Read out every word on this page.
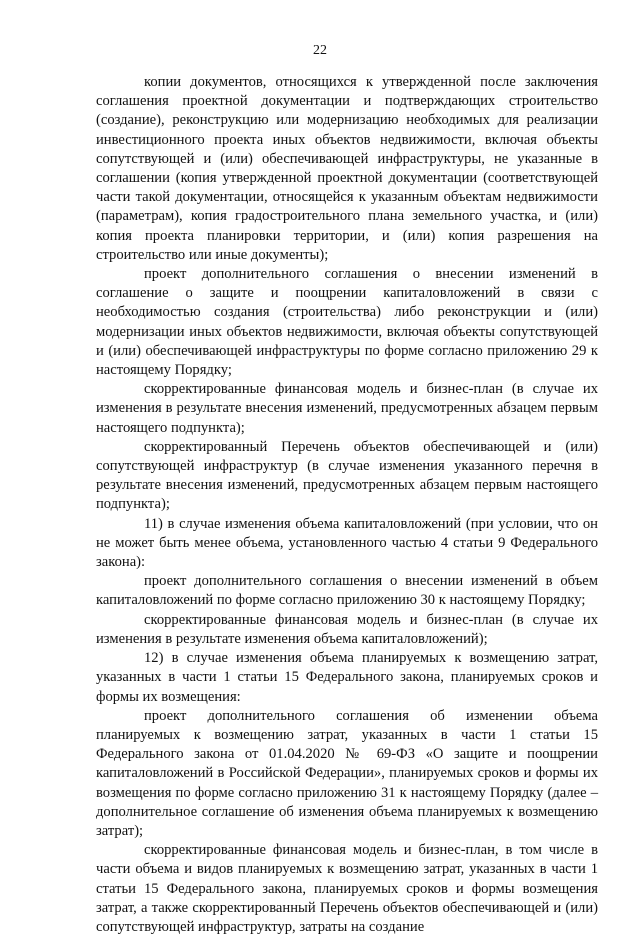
22

копии документов, относящихся к утвержденной после заключения соглашения проектной документации и подтверждающих строительство (создание), реконструкцию или модернизацию необходимых для реализации инвестиционного проекта иных объектов недвижимости, включая объекты сопутствующей и (или) обеспечивающей инфраструктуры, не указанные в соглашении (копия утвержденной проектной документации (соответствующей части такой документации, относящейся к указанным объектам недвижимости (параметрам), копия градостроительного плана земельного участка, и (или) копия проекта планировки территории, и (или) копия разрешения на строительство или иные документы);

проект дополнительного соглашения о внесении изменений в соглашение о защите и поощрении капиталовложений в связи с необходимостью создания (строительства) либо реконструкции и (или) модернизации иных объектов недвижимости, включая объекты сопутствующей и (или) обеспечивающей инфраструктуры по форме согласно приложению 29 к настоящему Порядку;

скорректированные финансовая модель и бизнес-план (в случае их изменения в результате внесения изменений, предусмотренных абзацем первым настоящего подпункта);

скорректированный Перечень объектов обеспечивающей и (или) сопутствующей инфраструктур (в случае изменения указанного перечня в результате внесения изменений, предусмотренных абзацем первым настоящего подпункта);

11) в случае изменения объема капиталовложений (при условии, что он не может быть менее объема, установленного частью 4 статьи 9 Федерального закона):

проект дополнительного соглашения о внесении изменений в объем капиталовложений по форме согласно приложению 30 к настоящему Порядку;

скорректированные финансовая модель и бизнес-план (в случае их изменения в результате изменения объема капиталовложений);

12) в случае изменения объема планируемых к возмещению затрат, указанных в части 1 статьи 15 Федерального закона, планируемых сроков и формы их возмещения:

проект дополнительного соглашения об изменении объема планируемых к возмещению затрат, указанных в части 1 статьи 15 Федерального закона от 01.04.2020 № 69-ФЗ «О защите и поощрении капиталовложений в Российской Федерации», планируемых сроков и формы их возмещения по форме согласно приложению 31 к настоящему Порядку (далее – дополнительное соглашение об изменения объема планируемых к возмещению затрат);

скорректированные финансовая модель и бизнес-план, в том числе в части объема и видов планируемых к возмещению затрат, указанных в части 1 статьи 15 Федерального закона, планируемых сроков и формы возмещения затрат, а также скорректированный Перечень объектов обеспечивающей и (или) сопутствующей инфраструктур, затраты на создание
